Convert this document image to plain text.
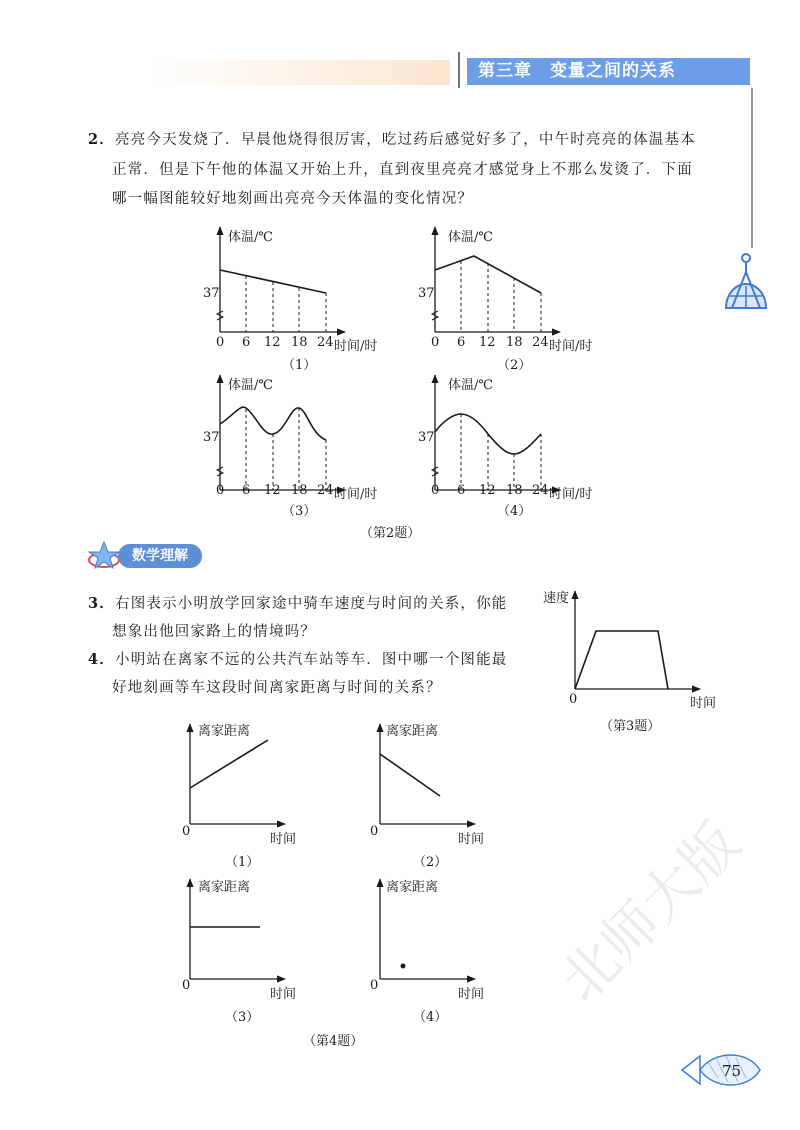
第三章　变量之间的关系
2．亮亮今天发烧了．早晨他烧得很厉害，吃过药后感觉好多了，中午时亮亮的体温基本
正常．但是下午他的体温又开始上升，直到夜里亮亮才感觉身上不那么发烫了．下面
哪一幅图能较好地刻画出亮亮今天体温的变化情况？
体温/℃	体温/℃
体温/℃	体温/℃
37	37
37	37
0 6 12 18 24 时间/时
（1）
0 6 12 18 24 时间/时
（2）
0 6 12 18 24 时间/时
（3）
0 6 12 18 24 时间/时
（4）
（第2题）
数学理解
3．右图表示小明放学回家途中骑车速度与时间的关系，你能
想象出他回家路上的情境吗？
4．小明站在离家不远的公共汽车站等车．图中哪一个图能最
好地刻画等车这段时间离家距离与时间的关系？
速度
0	时间
（第3题）
离家距离	离家距离
离家距离	离家距离
0	0
0	0
时间	时间
时间	时间
（1）	（2）
（3）	（4）
（第4题）
北师大版
75
